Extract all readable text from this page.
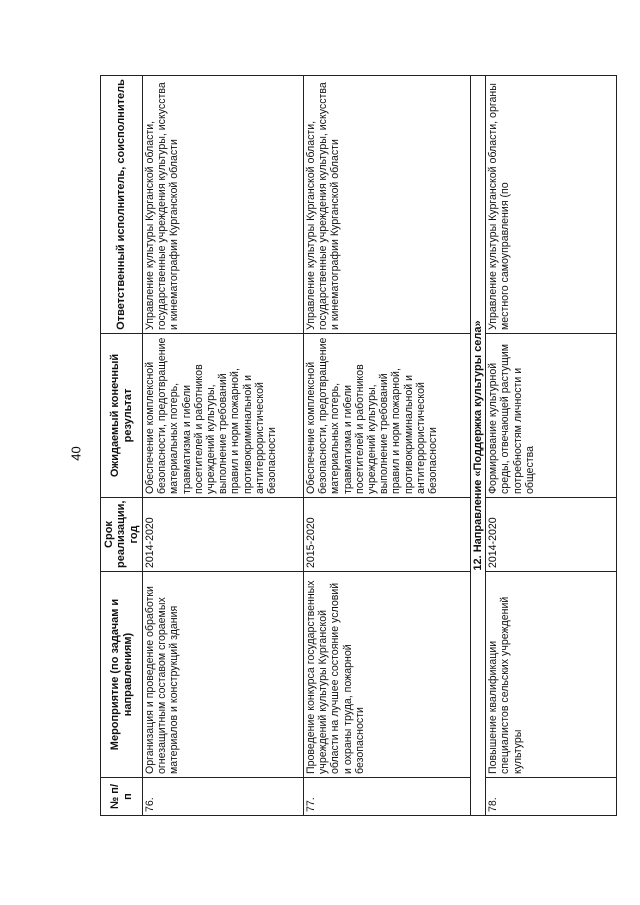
40
№ п/п	Мероприятие (по задачам и направлениям)	Срок реализации, год	Ожидаемый конечный результат	Ответственный исполнитель, соисполнитель
76.	Организация и проведение обработки огнезащитным составом сгораемых материалов и конструкций здания	2014-2020	Обеспечение комплексной безопасности, предотвращение материальных потерь, травматизма и гибели посетителей и работников учреждений культуры, выполнение требований правил и норм пожарной, противокриминальной и антитеррористической безопасности	Управление культуры Курганской области, государственные учреждения культуры, искусства и кинематографии Курганской области
77.	Проведение конкурса государственных учреждений культуры Курганской области на лучшее состояние условий и охраны труда, пожарной безопасности	2015-2020	Обеспечение комплексной безопасности, предотвращение материальных потерь, травматизма и гибели посетителей и работников учреждений культуры, выполнение требований правил и норм пожарной, противокриминальной и антитеррористической безопасности	Управление культуры Курганской области, государственные учреждения культуры, искусства и кинематографии Курганской области
12. Направление «Поддержка культуры села»				
78.	Повышение квалификации специалистов сельских учреждений культуры	2014-2020	Формирование культурной среды, отвечающей растущим потребностям личности и общества	Управление культуры Курганской области, органы местного самоуправления (по
